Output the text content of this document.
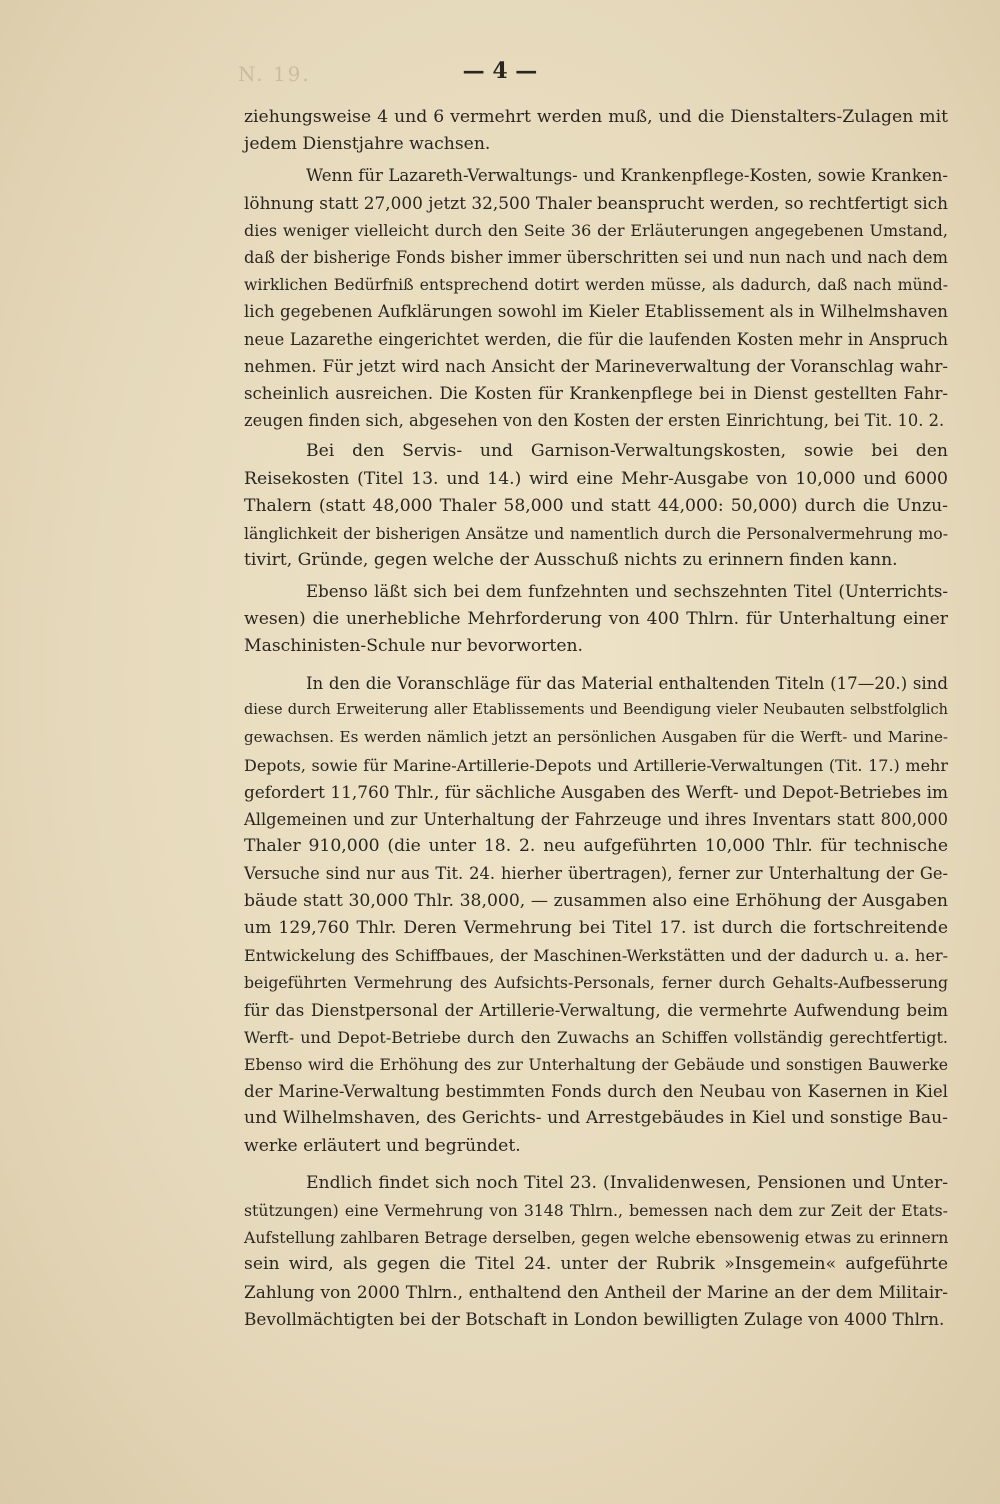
N. 19.	— 4 —

ziehungsweise 4 und 6 vermehrt werden muß, und die Dienstalters-Zulagen mit
jedem Dienstjahre wachsen.

Wenn für Lazareth-Verwaltungs- und Krankenpflege-Kosten, sowie Kranken-
löhnung statt 27,000 jetzt 32,500 Thaler beansprucht werden, so rechtfertigt sich
dies weniger vielleicht durch den Seite 36 der Erläuterungen angegebenen Umstand,
daß der bisherige Fonds bisher immer überschritten sei und nun nach und nach dem
wirklichen Bedürfniß entsprechend dotirt werden müsse, als dadurch, daß nach münd-
lich gegebenen Aufklärungen sowohl im Kieler Etablissement als in Wilhelmshaven
neue Lazarethe eingerichtet werden, die für die laufenden Kosten mehr in Anspruch
nehmen. Für jetzt wird nach Ansicht der Marineverwaltung der Voranschlag wahr-
scheinlich ausreichen. Die Kosten für Krankenpflege bei in Dienst gestellten Fahr-
zeugen finden sich, abgesehen von den Kosten der ersten Einrichtung, bei Tit. 10. 2.

Bei den Servis- und Garnison-Verwaltungskosten, sowie bei den
Reisekosten (Titel 13. und 14.) wird eine Mehr-Ausgabe von 10,000 und 6000
Thalern (statt 48,000 Thaler 58,000 und statt 44,000: 50,000) durch die Unzu-
länglichkeit der bisherigen Ansätze und namentlich durch die Personalvermehrung mo-
tivirt, Gründe, gegen welche der Ausschuß nichts zu erinnern finden kann.

Ebenso läßt sich bei dem funfzehnten und sechszehnten Titel (Unterrichts-
wesen) die unerhebliche Mehrforderung von 400 Thlrn. für Unterhaltung einer
Maschinisten-Schule nur bevorworten.

In den die Voranschläge für das Material enthaltenden Titeln (17—20.) sind
diese durch Erweiterung aller Etablissements und Beendigung vieler Neubauten selbstfolglich
gewachsen. Es werden nämlich jetzt an persönlichen Ausgaben für die Werft- und Marine-
Depots, sowie für Marine-Artillerie-Depots und Artillerie-Verwaltungen (Tit. 17.) mehr
gefordert 11,760 Thlr., für sächliche Ausgaben des Werft- und Depot-Betriebes im
Allgemeinen und zur Unterhaltung der Fahrzeuge und ihres Inventars statt 800,000
Thaler 910,000 (die unter 18. 2. neu aufgeführten 10,000 Thlr. für technische
Versuche sind nur aus Tit. 24. hierher übertragen), ferner zur Unterhaltung der Ge-
bäude statt 30,000 Thlr. 38,000, — zusammen also eine Erhöhung der Ausgaben
um 129,760 Thlr. Deren Vermehrung bei Titel 17. ist durch die fortschreitende
Entwickelung des Schiffbaues, der Maschinen-Werkstätten und der dadurch u. a. her-
beigeführten Vermehrung des Aufsichts-Personals, ferner durch Gehalts-Aufbesserung
für das Dienstpersonal der Artillerie-Verwaltung, die vermehrte Aufwendung beim
Werft- und Depot-Betriebe durch den Zuwachs an Schiffen vollständig gerechtfertigt.
Ebenso wird die Erhöhung des zur Unterhaltung der Gebäude und sonstigen Bauwerke
der Marine-Verwaltung bestimmten Fonds durch den Neubau von Kasernen in Kiel
und Wilhelmshaven, des Gerichts- und Arrestgebäudes in Kiel und sonstige Bau-
werke erläutert und begründet.

Endlich findet sich noch Titel 23. (Invalidenwesen, Pensionen und Unter-
stützungen) eine Vermehrung von 3148 Thlrn., bemessen nach dem zur Zeit der Etats-
Aufstellung zahlbaren Betrage derselben, gegen welche ebensowenig etwas zu erinnern
sein wird, als gegen die Titel 24. unter der Rubrik »Insgemein« aufgeführte
Zahlung von 2000 Thlrn., enthaltend den Antheil der Marine an der dem Militair-
Bevollmächtigten bei der Botschaft in London bewilligten Zulage von 4000 Thlrn.
